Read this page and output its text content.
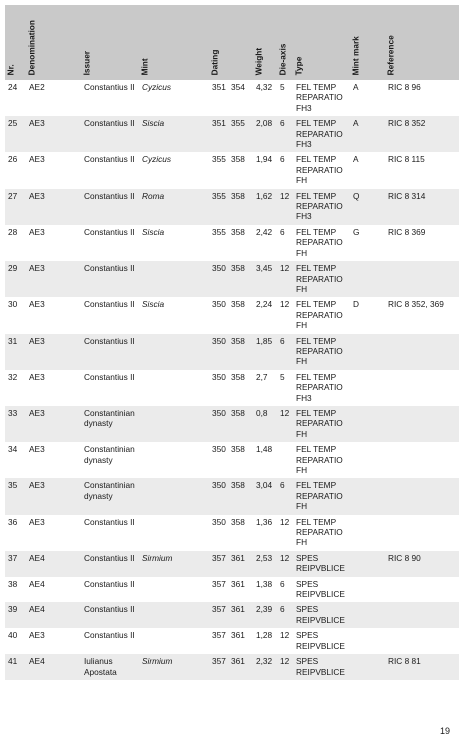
Nr.	Denomination	Issuer	Mint	Dating		Weight	Die-axis	Type	Mint mark	Reference

24	AE2	Constantius II	Cyzicus	351	354	4,32	5	FEL TEMP REPARATIO FH3	A	RIC 8 96
25	AE3	Constantius II	Siscia	351	355	2,08	6	FEL TEMP REPARATIO FH3	A	RIC 8 352
26	AE3	Constantius II	Cyzicus	355	358	1,94	6	FEL TEMP REPARATIO FH	A	RIC 8 115
27	AE3	Constantius II	Roma	355	358	1,62	12	FEL TEMP REPARATIO FH3	Q	RIC 8 314
28	AE3	Constantius II	Siscia	355	358	2,42	6	FEL TEMP REPARATIO FH	G	RIC 8 369
29	AE3	Constantius II		350	358	3,45	12	FEL TEMP REPARATIO FH		
30	AE3	Constantius II	Siscia	350	358	2,24	12	FEL TEMP REPARATIO FH	D	RIC 8 352, 369
31	AE3	Constantius II		350	358	1,85	6	FEL TEMP REPARATIO FH		
32	AE3	Constantius II		350	358	2,7	5	FEL TEMP REPARATIO FH3		
33	AE3	Constantinian dynasty		350	358	0,8	12	FEL TEMP REPARATIO FH		
34	AE3	Constantinian dynasty		350	358	1,48		FEL TEMP REPARATIO FH		
35	AE3	Constantinian dynasty		350	358	3,04	6	FEL TEMP REPARATIO FH		
36	AE3	Constantius II		350	358	1,36	12	FEL TEMP REPARATIO FH		
37	AE4	Constantius II	Sirmium	357	361	2,53	12	SPES REIPVBLICE		RIC 8 90
38	AE4	Constantius II		357	361	1,38	6	SPES REIPVBLICE		
39	AE4	Constantius II		357	361	2,39	6	SPES REIPVBLICE		
40	AE3	Constantius II		357	361	1,28	12	SPES REIPVBLICE		
41	AE4	Iulianus Apostata	Sirmium	357	361	2,32	12	SPES REIPVBLICE		RIC 8 81
19
